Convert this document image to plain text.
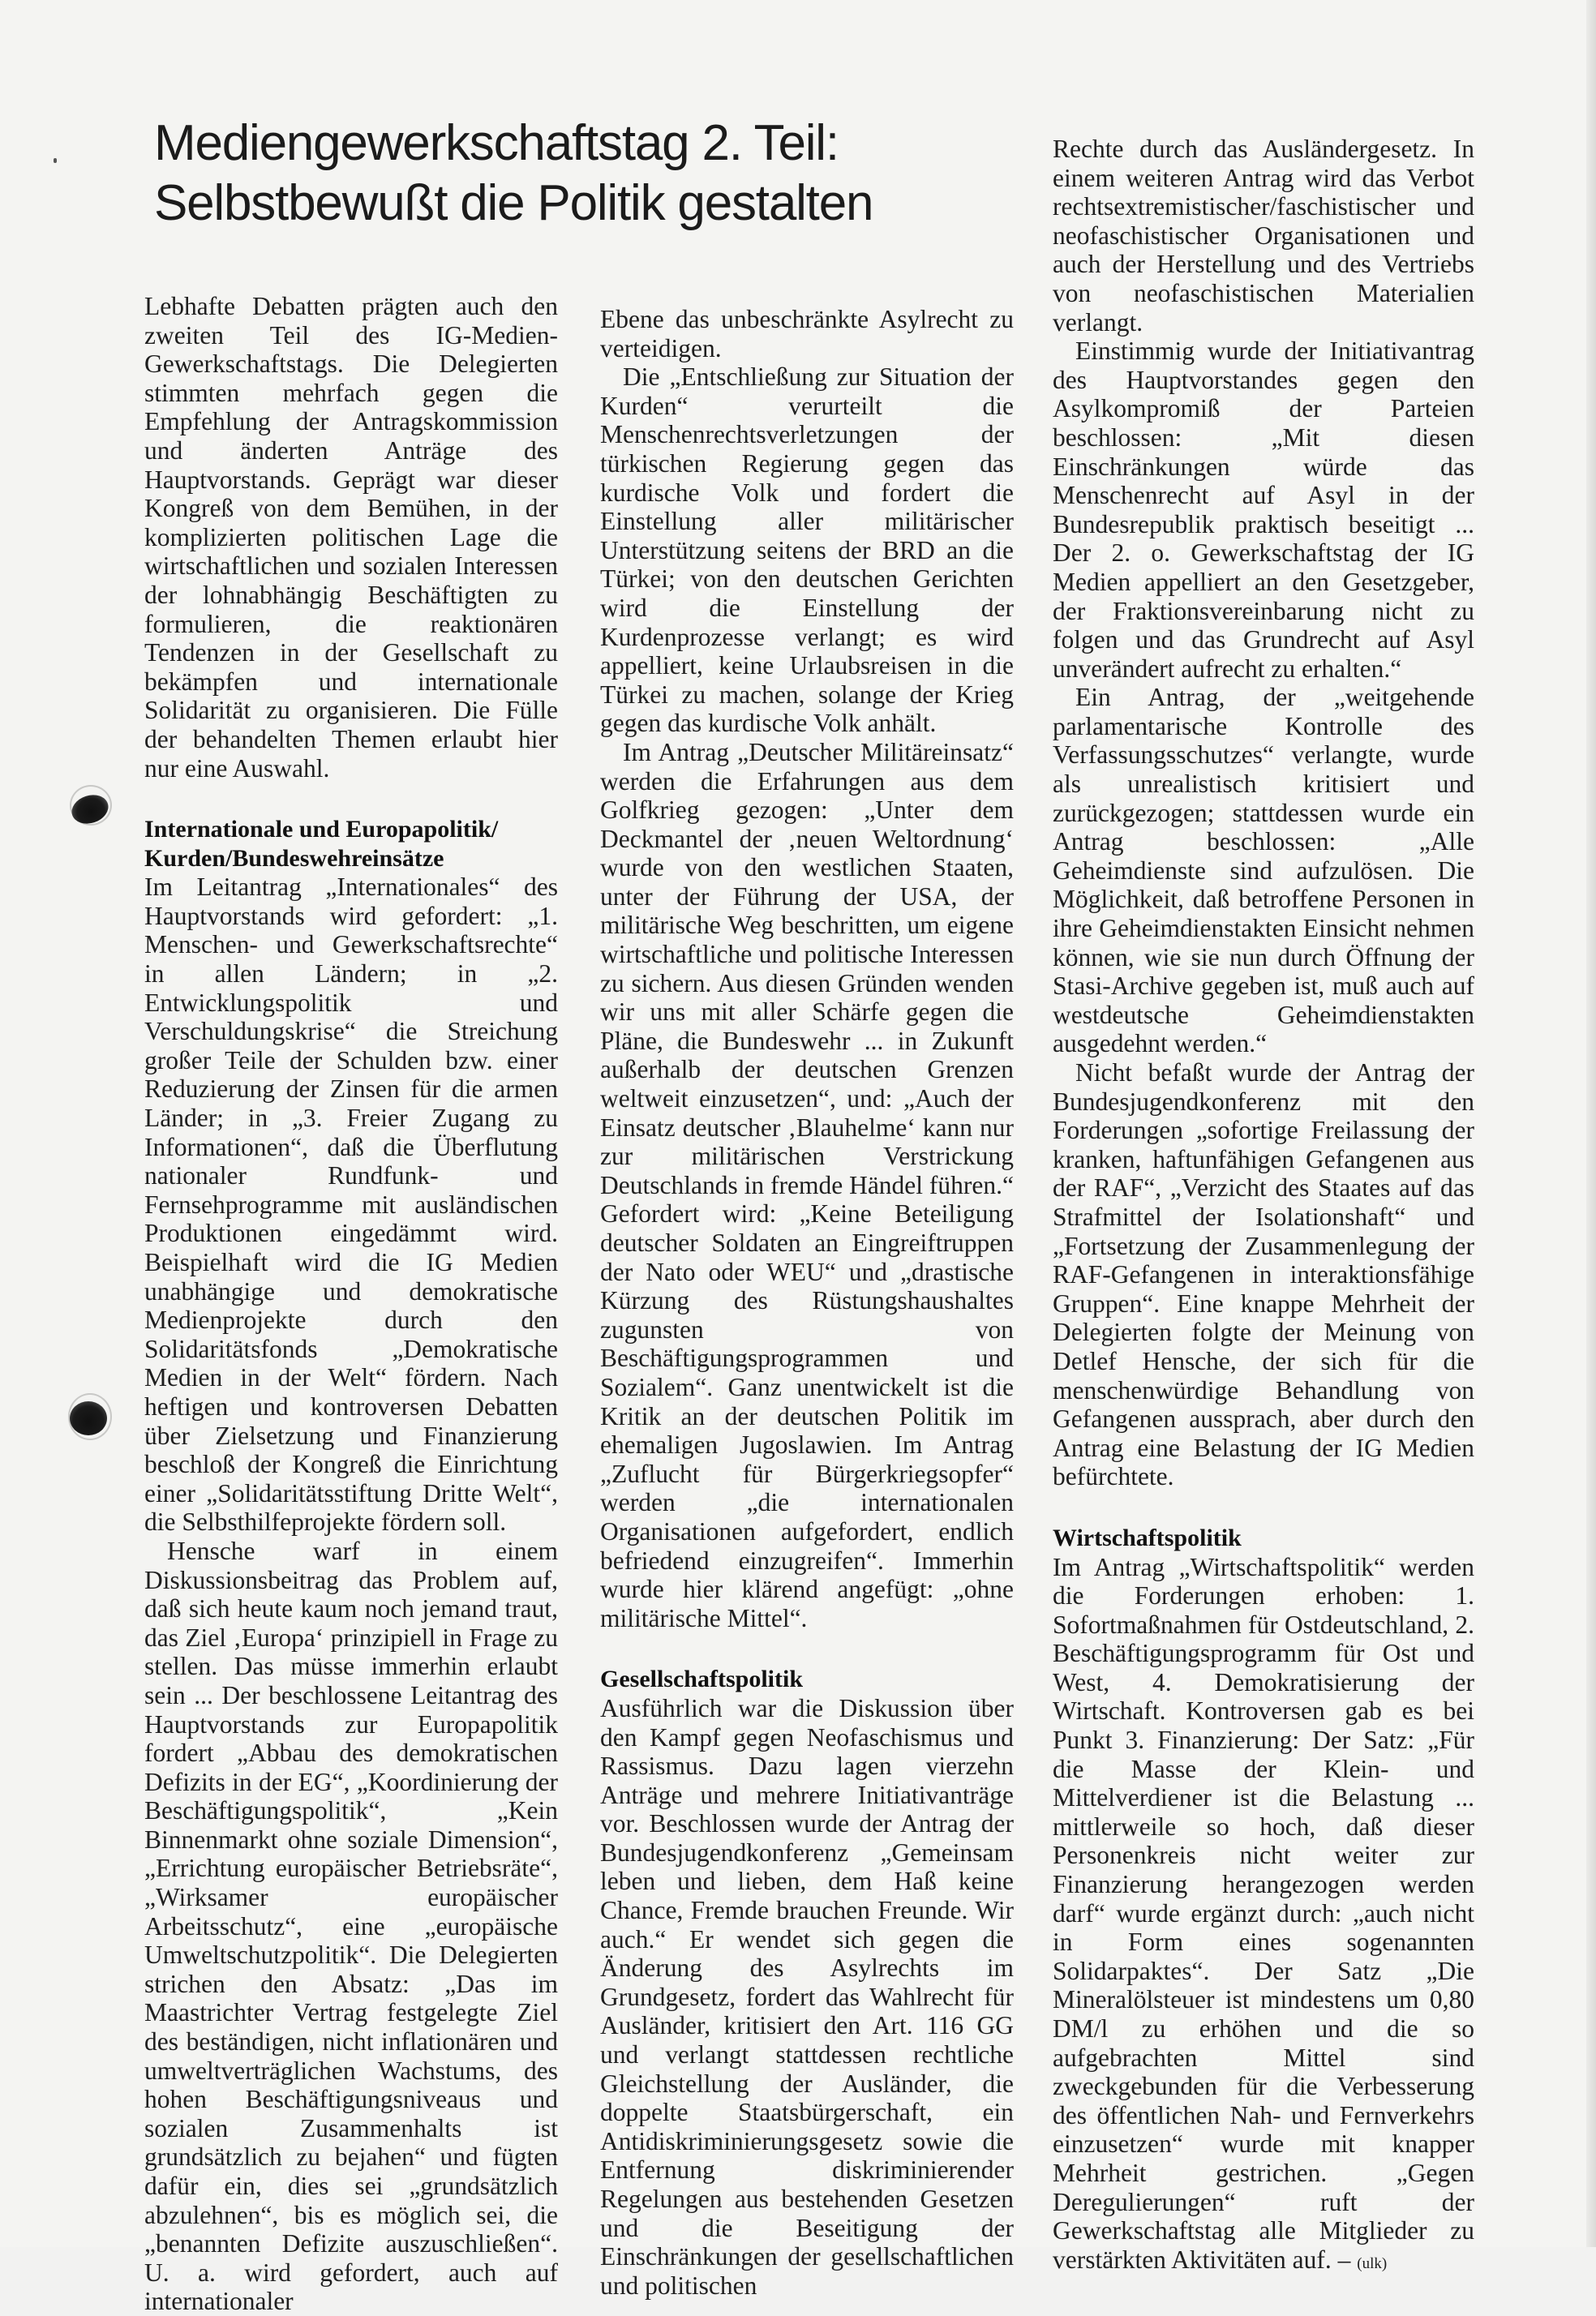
Mediengewerkschaftstag 2. Teil:
Selbstbewußt die Politik gestalten

Lebhafte Debatten prägten auch den zweiten Teil des IG-Medien-Gewerkschaftstags. Die Delegierten stimmten mehrfach gegen die Empfehlung der Antragskommission und änderten Anträge des Hauptvorstands. Geprägt war dieser Kongreß von dem Bemühen, in der komplizierten politischen Lage die wirtschaftlichen und sozialen Interessen der lohnabhängig Beschäftigten zu formulieren, die reaktionären Tendenzen in der Gesellschaft zu bekämpfen und internationale Solidarität zu organisieren. Die Fülle der behandelten Themen erlaubt hier nur eine Auswahl.

Internationale und Europapolitik/
Kurden/Bundeswehreinsätze

Im Leitantrag „Internationales“ des Hauptvorstands wird gefordert: „1. Menschen- und Gewerkschaftsrechte“ in allen Ländern; in „2. Entwicklungspolitik und Verschuldungskrise“ die Streichung großer Teile der Schulden bzw. einer Reduzierung der Zinsen für die armen Länder; in „3. Freier Zugang zu Informationen“, daß die Überflutung nationaler Rundfunk- und Fernsehprogramme mit ausländischen Produktionen eingedämmt wird. Beispielhaft wird die IG Medien unabhängige und demokratische Medienprojekte durch den Solidaritätsfonds „Demokratische Medien in der Welt“ fördern. Nach heftigen und kontroversen Debatten über Zielsetzung und Finanzierung beschloß der Kongreß die Einrichtung einer „Solidaritätsstiftung Dritte Welt“, die Selbsthilfeprojekte fördern soll.

Hensche warf in einem Diskussionsbeitrag das Problem auf, daß sich heute kaum noch jemand traut, das Ziel ‚Europa‘ prinzipiell in Frage zu stellen. Das müsse immerhin erlaubt sein ... Der beschlossene Leitantrag des Hauptvorstands zur Europapolitik fordert „Abbau des demokratischen Defizits in der EG“, „Koordinierung der Beschäftigungspolitik“, „Kein Binnenmarkt ohne soziale Dimension“, „Errichtung europäischer Betriebsräte“, „Wirksamer europäischer Arbeitsschutz“, eine „europäische Umweltschutzpolitik“. Die Delegierten strichen den Absatz: „Das im Maastrichter Vertrag festgelegte Ziel des beständigen, nicht inflationären und umweltverträglichen Wachstums, des hohen Beschäftigungsniveaus und sozialen Zusammenhalts ist grundsätzlich zu bejahen“ und fügten dafür ein, dies sei „grundsätzlich abzulehnen“, bis es möglich sei, die „benannten Defizite auszuschließen“. U. a. wird gefordert, auch auf internationaler

Ebene das unbeschränkte Asylrecht zu verteidigen.

Die „Entschließung zur Situation der Kurden“ verurteilt die Menschenrechtsverletzungen der türkischen Regierung gegen das kurdische Volk und fordert die Einstellung aller militärischer Unterstützung seitens der BRD an die Türkei; von den deutschen Gerichten wird die Einstellung der Kurdenprozesse verlangt; es wird appelliert, keine Urlaubsreisen in die Türkei zu machen, solange der Krieg gegen das kurdische Volk anhält.

Im Antrag „Deutscher Militäreinsatz“ werden die Erfahrungen aus dem Golfkrieg gezogen: „Unter dem Deckmantel der ‚neuen Weltordnung‘ wurde von den westlichen Staaten, unter der Führung der USA, der militärische Weg beschritten, um eigene wirtschaftliche und politische Interessen zu sichern. Aus diesen Gründen wenden wir uns mit aller Schärfe gegen die Pläne, die Bundeswehr ... in Zukunft außerhalb der deutschen Grenzen weltweit einzusetzen“, und: „Auch der Einsatz deutscher ‚Blauhelme‘ kann nur zur militärischen Verstrickung Deutschlands in fremde Händel führen.“ Gefordert wird: „Keine Beteiligung deutscher Soldaten an Eingreiftruppen der Nato oder WEU“ und „drastische Kürzung des Rüstungshaushaltes zugunsten von Beschäftigungsprogrammen und Sozialem“. Ganz unentwickelt ist die Kritik an der deutschen Politik im ehemaligen Jugoslawien. Im Antrag „Zuflucht für Bürgerkriegsopfer“ werden „die internationalen Organisationen aufgefordert, endlich befriedend einzugreifen“. Immerhin wurde hier klärend angefügt: „ohne militärische Mittel“.

Gesellschaftspolitik

Ausführlich war die Diskussion über den Kampf gegen Neofaschismus und Rassismus. Dazu lagen vierzehn Anträge und mehrere Initiativanträge vor. Beschlossen wurde der Antrag der Bundesjugendkonferenz „Gemeinsam leben und lieben, dem Haß keine Chance, Fremde brauchen Freunde. Wir auch.“ Er wendet sich gegen die Änderung des Asylrechts im Grundgesetz, fordert das Wahlrecht für Ausländer, kritisiert den Art. 116 GG und verlangt stattdessen rechtliche Gleichstellung der Ausländer, die doppelte Staatsbürgerschaft, ein Antidiskriminierungsgesetz sowie die Entfernung diskriminierender Regelungen aus bestehenden Gesetzen und die Beseitigung der Einschränkungen der gesellschaftlichen und politischen

Rechte durch das Ausländergesetz. In einem weiteren Antrag wird das Verbot rechtsextremistischer/faschistischer und neofaschistischer Organisationen und auch der Herstellung und des Vertriebs von neofaschistischen Materialien verlangt.

Einstimmig wurde der Initiativantrag des Hauptvorstandes gegen den Asylkompromiß der Parteien beschlossen: „Mit diesen Einschränkungen würde das Menschenrecht auf Asyl in der Bundesrepublik praktisch beseitigt ... Der 2. o. Gewerkschaftstag der IG Medien appelliert an den Gesetzgeber, der Fraktionsvereinbarung nicht zu folgen und das Grundrecht auf Asyl unverändert aufrecht zu erhalten.“

Ein Antrag, der „weitgehende parlamentarische Kontrolle des Verfassungsschutzes“ verlangte, wurde als unrealistisch kritisiert und zurückgezogen; stattdessen wurde ein Antrag beschlossen: „Alle Geheimdienste sind aufzulösen. Die Möglichkeit, daß betroffene Personen in ihre Geheimdienstakten Einsicht nehmen können, wie sie nun durch Öffnung der Stasi-Archive gegeben ist, muß auch auf westdeutsche Geheimdienstakten ausgedehnt werden.“

Nicht befaßt wurde der Antrag der Bundesjugendkonferenz mit den Forderungen „sofortige Freilassung der kranken, haftunfähigen Gefangenen aus der RAF“, „Verzicht des Staates auf das Strafmittel der Isolationshaft“ und „Fortsetzung der Zusammenlegung der RAF-Gefangenen in interaktionsfähige Gruppen“. Eine knappe Mehrheit der Delegierten folgte der Meinung von Detlef Hensche, der sich für die menschenwürdige Behandlung von Gefangenen aussprach, aber durch den Antrag eine Belastung der IG Medien befürchtete.

Wirtschaftspolitik

Im Antrag „Wirtschaftspolitik“ werden die Forderungen erhoben: 1. Sofortmaßnahmen für Ostdeutschland, 2. Beschäftigungsprogramm für Ost und West, 4. Demokratisierung der Wirtschaft. Kontroversen gab es bei Punkt 3. Finanzierung: Der Satz: „Für die Masse der Klein- und Mittelverdiener ist die Belastung ... mittlerweile so hoch, daß dieser Personenkreis nicht weiter zur Finanzierung herangezogen werden darf“ wurde ergänzt durch: „auch nicht in Form eines sogenannten Solidarpaktes“. Der Satz „Die Mineralölsteuer ist mindestens um 0,80 DM/l zu erhöhen und die so aufgebrachten Mittel sind zweckgebunden für die Verbesserung des öffentlichen Nah- und Fernverkehrs einzusetzen“ wurde mit knapper Mehrheit gestrichen. „Gegen Deregulierungen“ ruft der Gewerkschaftstag alle Mitglieder zu verstärkten Aktivitäten auf. – (ulk)
